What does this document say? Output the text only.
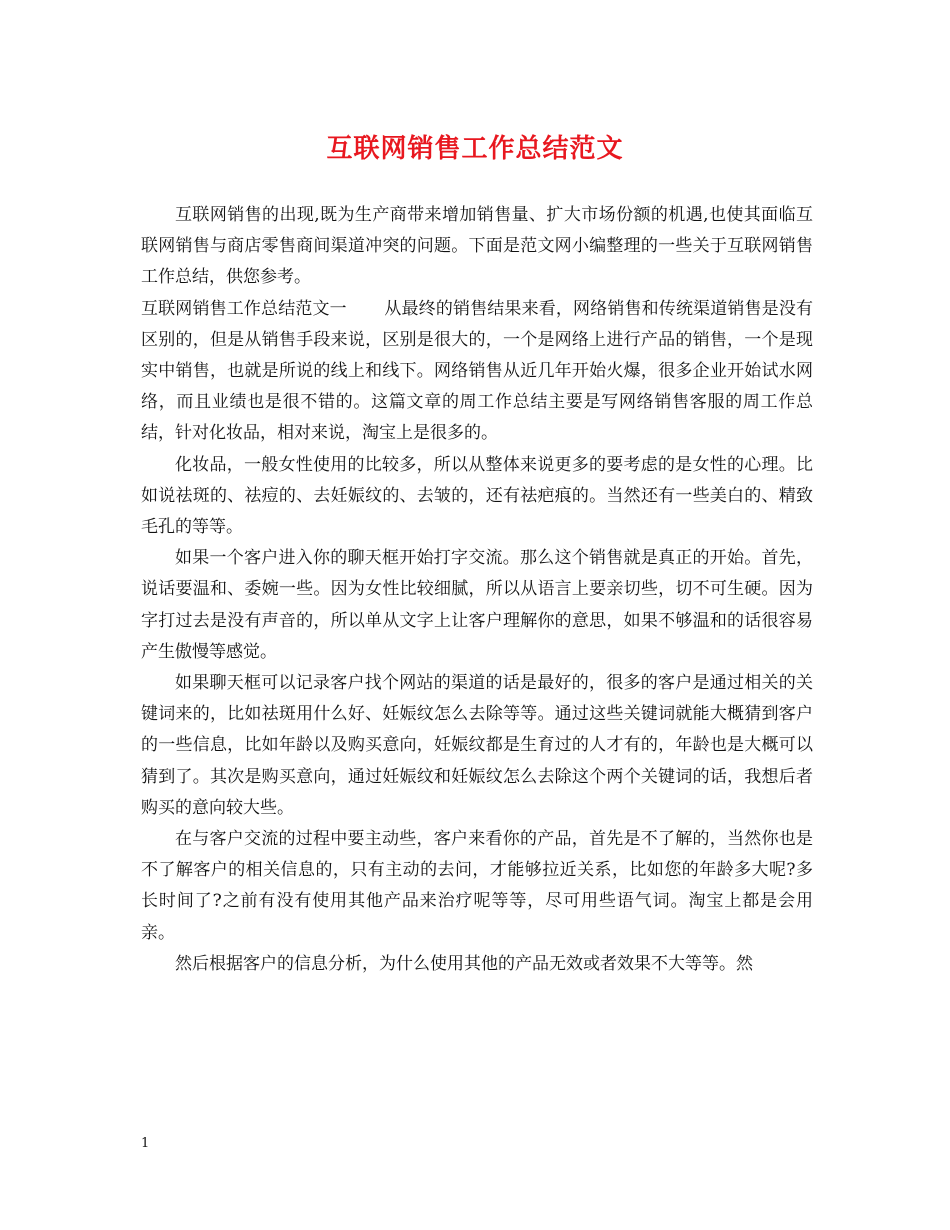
互联网销售工作总结范文

互联网销售的出现,既为生产商带来增加销售量、扩大市场份额的机遇,也使其面临互联网销售与商店零售商间渠道冲突的问题。下面是范文网小编整理的一些关于互联网销售工作总结，供您参考。

互联网销售工作总结范文一 从最终的销售结果来看，网络销售和传统渠道销售是没有区别的，但是从销售手段来说，区别是很大的，一个是网络上进行产品的销售，一个是现实中销售，也就是所说的线上和线下。网络销售从近几年开始火爆，很多企业开始试水网络，而且业绩也是很不错的。这篇文章的周工作总结主要是写网络销售客服的周工作总结，针对化妆品，相对来说，淘宝上是很多的。

化妆品，一般女性使用的比较多，所以从整体来说更多的要考虑的是女性的心理。比如说祛斑的、祛痘的、去妊娠纹的、去皱的，还有祛疤痕的。当然还有一些美白的、精致毛孔的等等。

如果一个客户进入你的聊天框开始打字交流。那么这个销售就是真正的开始。首先，说话要温和、委婉一些。因为女性比较细腻，所以从语言上要亲切些，切不可生硬。因为字打过去是没有声音的，所以单从文字上让客户理解你的意思，如果不够温和的话很容易产生傲慢等感觉。

如果聊天框可以记录客户找个网站的渠道的话是最好的，很多的客户是通过相关的关键词来的，比如祛斑用什么好、妊娠纹怎么去除等等。通过这些关键词就能大概猜到客户的一些信息，比如年龄以及购买意向，妊娠纹都是生育过的人才有的，年龄也是大概可以猜到了。其次是购买意向，通过妊娠纹和妊娠纹怎么去除这个两个关键词的话，我想后者购买的意向较大些。

在与客户交流的过程中要主动些，客户来看你的产品，首先是不了解的，当然你也是不了解客户的相关信息的，只有主动的去问，才能够拉近关系，比如您的年龄多大呢?多长时间了?之前有没有使用其他产品来治疗呢等等，尽可用些语气词。淘宝上都是会用亲。

然后根据客户的信息分析，为什么使用其他的产品无效或者效果不大等等。然

1
